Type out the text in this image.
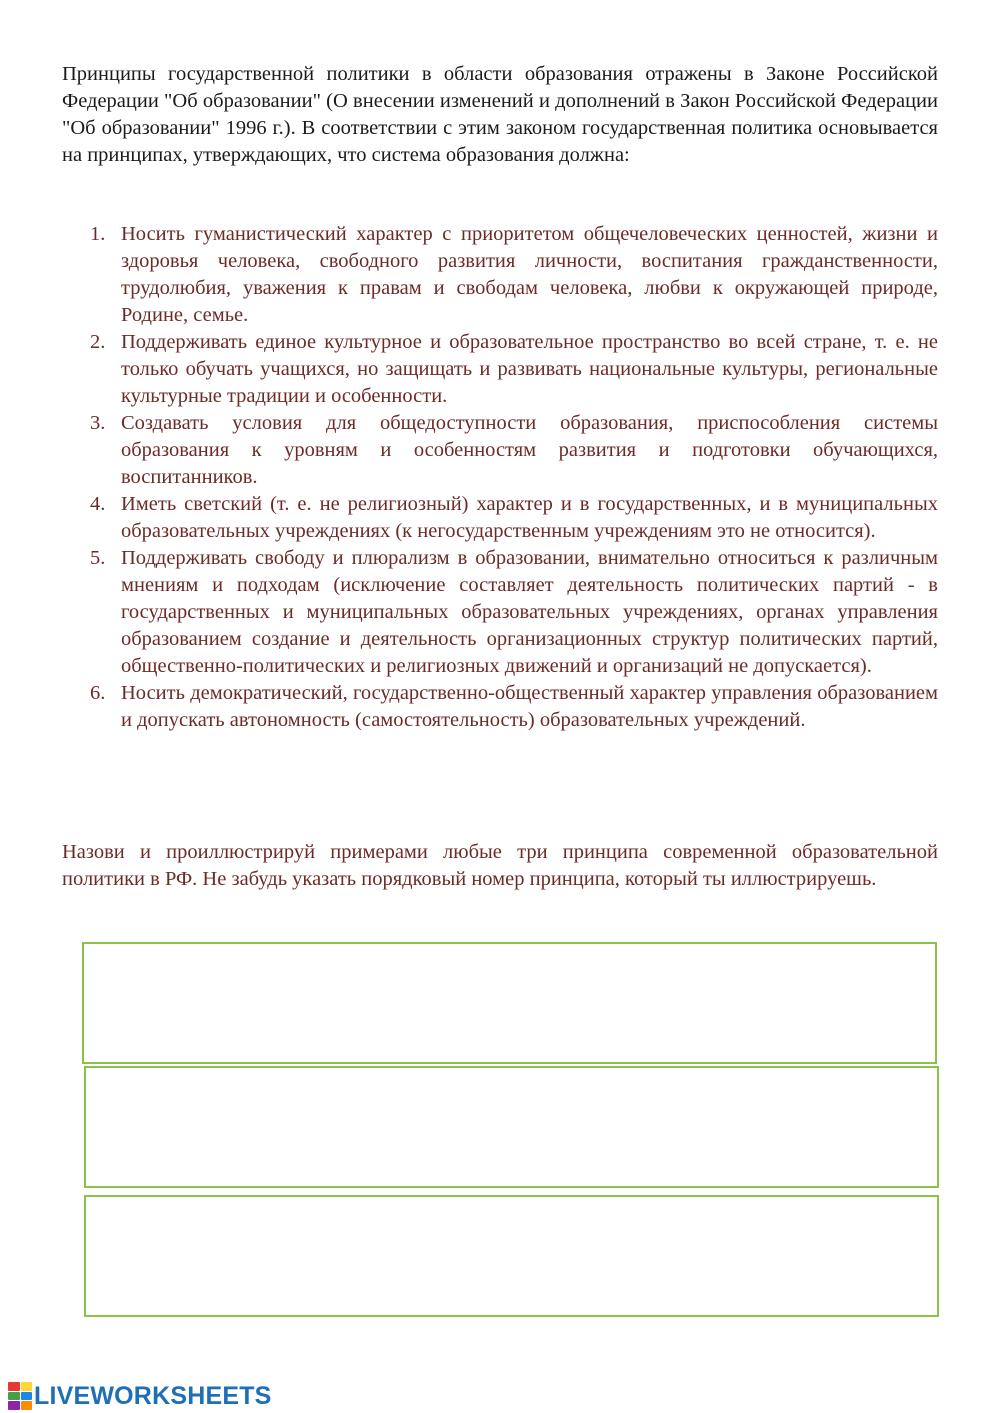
Принципы государственной политики в области образования отражены в Законе Российской Федерации "Об образовании" (О внесении изменений и дополнений в Закон Российской Федерации "Об образовании" 1996 г.). В соответствии с этим законом государственная политика основывается на принципах, утверждающих, что система образования должна:

1. Носить гуманистический характер с приоритетом общечеловеческих ценностей, жизни и здоровья человека, свободного развития личности, воспитания гражданственности, трудолюбия, уважения к правам и свободам человека, любви к окружающей природе, Родине, семье.
2. Поддерживать единое культурное и образовательное пространство во всей стране, т. е. не только обучать учащихся, но защищать и развивать национальные культуры, региональные культурные традиции и особенности.
3. Создавать условия для общедоступности образования, приспособления системы образования к уровням и особенностям развития и подготовки обучающихся, воспитанников.
4. Иметь светский (т. е. не религиозный) характер и в государственных, и в муниципальных образовательных учреждениях (к негосударственным учреждениям это не относится).
5. Поддерживать свободу и плюрализм в образовании, внимательно относиться к различным мнениям и подходам (исключение составляет деятельность политических партий - в государственных и муниципальных образовательных учреждениях, органах управления образованием создание и деятельность организационных структур политических партий, общественно-политических и религиозных движений и организаций не допускается).
6. Носить демократический, государственно-общественный характер управления образованием и допускать автономность (самостоятельность) образовательных учреждений.

Назови и проиллюстрируй примерами любые три принципа современной образовательной политики в РФ. Не забудь указать порядковый номер принципа, который ты иллюстрируешь.

LIVEWORKSHEETS
